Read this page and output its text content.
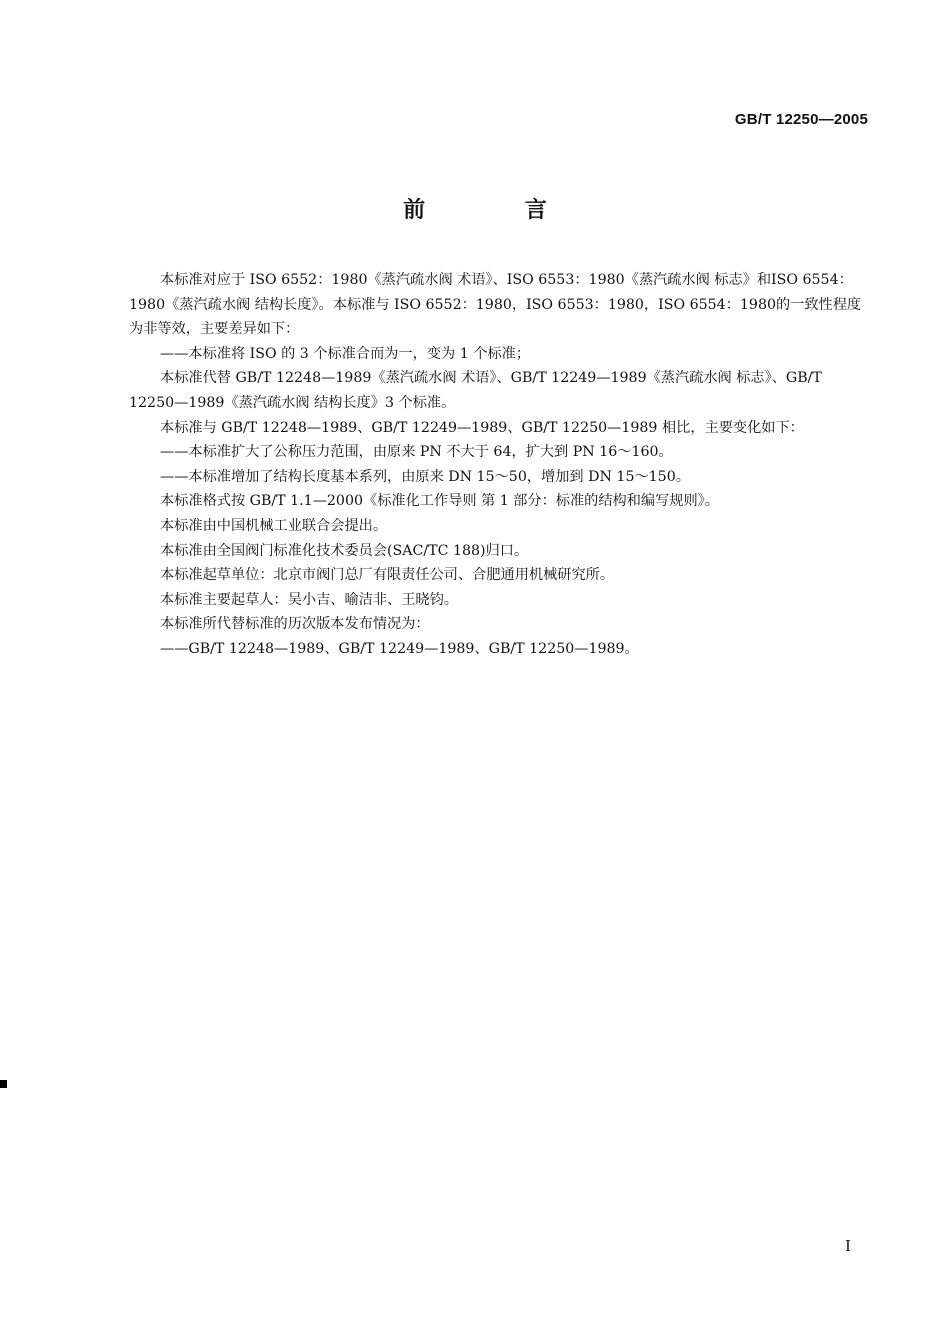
GB/T 12250—2005
前 言

本标准对应于 ISO 6552：1980《蒸汽疏水阀 术语》、ISO 6553：1980《蒸汽疏水阀 标志》和ISO 6554：1980《蒸汽疏水阀 结构长度》。本标准与 ISO 6552：1980，ISO 6553：1980，ISO 6554：1980的一致性程度为非等效，主要差异如下：

——本标准将 ISO 的 3 个标准合而为一，变为 1 个标准；

本标准代替 GB/T 12248—1989《蒸汽疏水阀 术语》、GB/T 12249—1989《蒸汽疏水阀 标志》、GB/T 12250—1989《蒸汽疏水阀 结构长度》3 个标准。

本标准与 GB/T 12248—1989、GB/T 12249—1989、GB/T 12250—1989 相比，主要变化如下：

——本标准扩大了公称压力范围，由原来 PN 不大于 64，扩大到 PN 16～160。

——本标准增加了结构长度基本系列，由原来 DN 15～50，增加到 DN 15～150。

本标准格式按 GB/T 1.1—2000《标准化工作导则 第 1 部分：标准的结构和编写规则》。

本标准由中国机械工业联合会提出。

本标准由全国阀门标准化技术委员会(SAC/TC 188)归口。

本标准起草单位：北京市阀门总厂有限责任公司、合肥通用机械研究所。

本标准主要起草人：吴小吉、喻洁非、王晓钧。

本标准所代替标准的历次版本发布情况为：

——GB/T 12248—1989、GB/T 12249—1989、GB/T 12250—1989。

I
